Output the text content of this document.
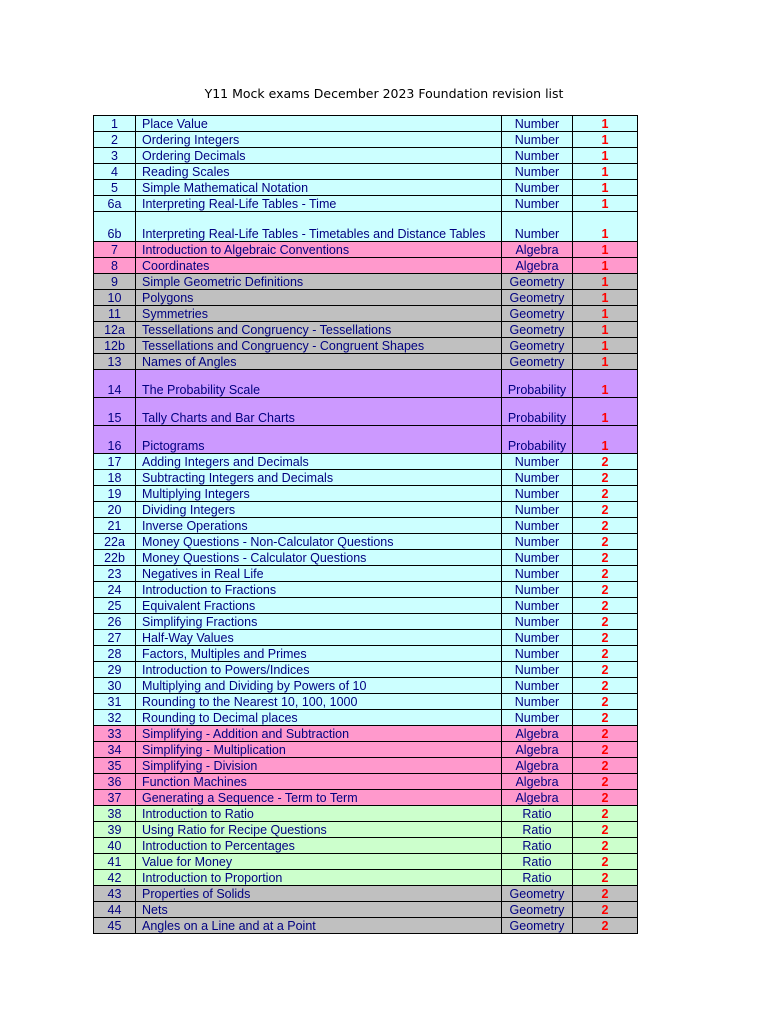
Y11 Mock exams December 2023 Foundation revision list
1	Place Value	Number	1
2	Ordering Integers	Number	1
3	Ordering Decimals	Number	1
4	Reading Scales	Number	1
5	Simple Mathematical Notation	Number	1
6a	Interpreting Real-Life Tables - Time	Number	1
6b	Interpreting Real-Life Tables - Timetables and Distance Tables	Number	1
7	Introduction to Algebraic Conventions	Algebra	1
8	Coordinates	Algebra	1
9	Simple Geometric Definitions	Geometry	1
10	Polygons	Geometry	1
11	Symmetries	Geometry	1
12a	Tessellations and Congruency - Tessellations	Geometry	1
12b	Tessellations and Congruency - Congruent Shapes	Geometry	1
13	Names of Angles	Geometry	1
14	The Probability Scale	Probability	1
15	Tally Charts and Bar Charts	Probability	1
16	Pictograms	Probability	1
17	Adding Integers and Decimals	Number	2
18	Subtracting Integers and Decimals	Number	2
19	Multiplying Integers	Number	2
20	Dividing Integers	Number	2
21	Inverse Operations	Number	2
22a	Money Questions - Non-Calculator Questions	Number	2
22b	Money Questions - Calculator Questions	Number	2
23	Negatives in Real Life	Number	2
24	Introduction to Fractions	Number	2
25	Equivalent Fractions	Number	2
26	Simplifying Fractions	Number	2
27	Half-Way Values	Number	2
28	Factors, Multiples and Primes	Number	2
29	Introduction to Powers/Indices	Number	2
30	Multiplying and Dividing by Powers of 10	Number	2
31	Rounding to the Nearest 10, 100, 1000	Number	2
32	Rounding to Decimal places	Number	2
33	Simplifying - Addition and Subtraction	Algebra	2
34	Simplifying - Multiplication	Algebra	2
35	Simplifying - Division	Algebra	2
36	Function Machines	Algebra	2
37	Generating a Sequence - Term to Term	Algebra	2
38	Introduction to Ratio	Ratio	2
39	Using Ratio for Recipe Questions	Ratio	2
40	Introduction to Percentages	Ratio	2
41	Value for Money	Ratio	2
42	Introduction to Proportion	Ratio	2
43	Properties of Solids	Geometry	2
44	Nets	Geometry	2
45	Angles on a Line and at a Point	Geometry	2
